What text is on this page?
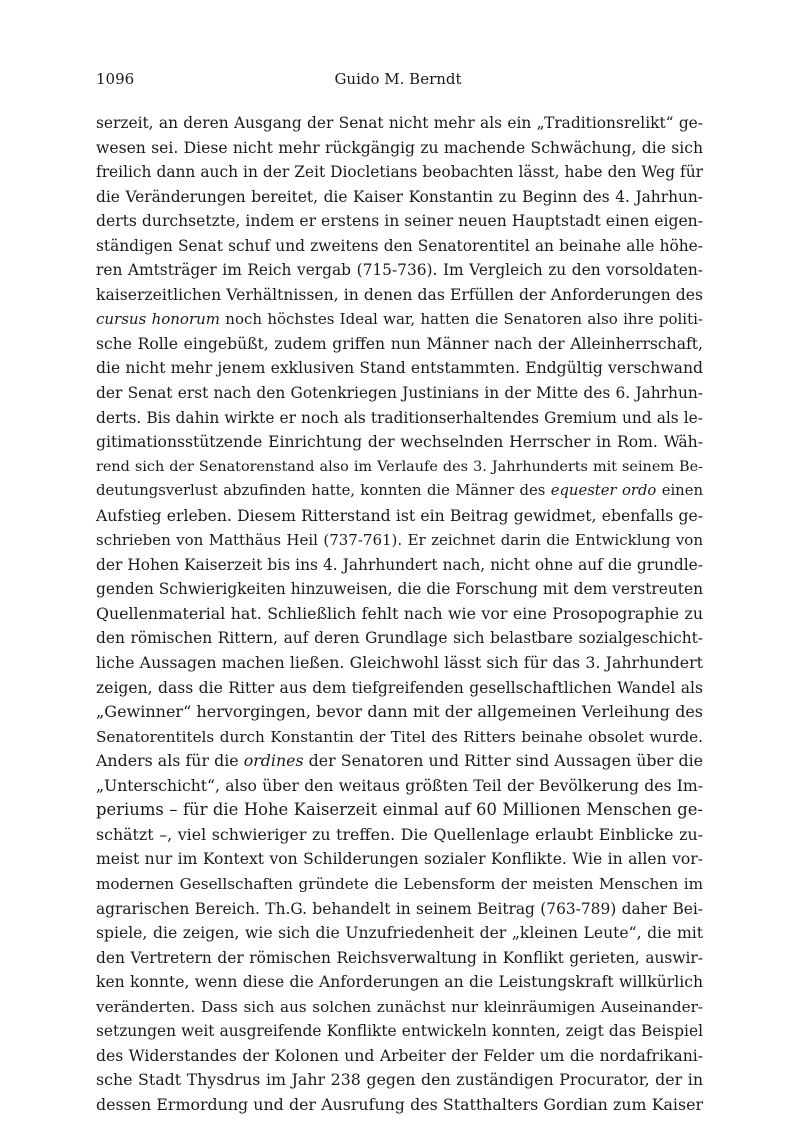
1096	Guido M. Berndt
serzeit, an deren Ausgang der Senat nicht mehr als ein „Traditionsrelikt“ ge-
wesen sei. Diese nicht mehr rückgängig zu machende Schwächung, die sich
freilich dann auch in der Zeit Diocletians beobachten lässt, habe den Weg für
die Veränderungen bereitet, die Kaiser Konstantin zu Beginn des 4. Jahrhun-
derts durchsetzte, indem er erstens in seiner neuen Hauptstadt einen eigen-
ständigen Senat schuf und zweitens den Senatorentitel an beinahe alle höhe-
ren Amtsträger im Reich vergab (715-736). Im Vergleich zu den vorsoldaten-
kaiserzeitlichen Verhältnissen, in denen das Erfüllen der Anforderungen des
cursus honorum noch höchstes Ideal war, hatten die Senatoren also ihre politi-
sche Rolle eingebüßt, zudem griffen nun Männer nach der Alleinherrschaft,
die nicht mehr jenem exklusiven Stand entstammten. Endgültig verschwand
der Senat erst nach den Gotenkriegen Justinians in der Mitte des 6. Jahrhun-
derts. Bis dahin wirkte er noch als traditionserhaltendes Gremium und als le-
gitimationsstützende Einrichtung der wechselnden Herrscher in Rom. Wäh-
rend sich der Senatorenstand also im Verlaufe des 3. Jahrhunderts mit seinem Be-
deutungsverlust abzufinden hatte, konnten die Männer des equester ordo einen
Aufstieg erleben. Diesem Ritterstand ist ein Beitrag gewidmet, ebenfalls ge-
schrieben von Matthäus Heil (737-761). Er zeichnet darin die Entwicklung von
der Hohen Kaiserzeit bis ins 4. Jahrhundert nach, nicht ohne auf die grundle-
genden Schwierigkeiten hinzuweisen, die die Forschung mit dem verstreuten
Quellenmaterial hat. Schließlich fehlt nach wie vor eine Prosopographie zu
den römischen Rittern, auf deren Grundlage sich belastbare sozialgeschicht-
liche Aussagen machen ließen. Gleichwohl lässt sich für das 3. Jahrhundert
zeigen, dass die Ritter aus dem tiefgreifenden gesellschaftlichen Wandel als
„Gewinner“ hervorgingen, bevor dann mit der allgemeinen Verleihung des
Senatorentitels durch Konstantin der Titel des Ritters beinahe obsolet wurde.
Anders als für die ordines der Senatoren und Ritter sind Aussagen über die
„Unterschicht“, also über den weitaus größten Teil der Bevölkerung des Im-
periums – für die Hohe Kaiserzeit einmal auf 60 Millionen Menschen ge-
schätzt –, viel schwieriger zu treffen. Die Quellenlage erlaubt Einblicke zu-
meist nur im Kontext von Schilderungen sozialer Konflikte. Wie in allen vor-
modernen Gesellschaften gründete die Lebensform der meisten Menschen im
agrarischen Bereich. Th.G. behandelt in seinem Beitrag (763-789) daher Bei-
spiele, die zeigen, wie sich die Unzufriedenheit der „kleinen Leute“, die mit
den Vertretern der römischen Reichsverwaltung in Konflikt gerieten, auswir-
ken konnte, wenn diese die Anforderungen an die Leistungskraft willkürlich
veränderten. Dass sich aus solchen zunächst nur kleinräumigen Auseinander-
setzungen weit ausgreifende Konflikte entwickeln konnten, zeigt das Beispiel
des Widerstandes der Kolonen und Arbeiter der Felder um die nordafrikani-
sche Stadt Thysdrus im Jahr 238 gegen den zuständigen Procurator, der in
dessen Ermordung und der Ausrufung des Statthalters Gordian zum Kaiser
